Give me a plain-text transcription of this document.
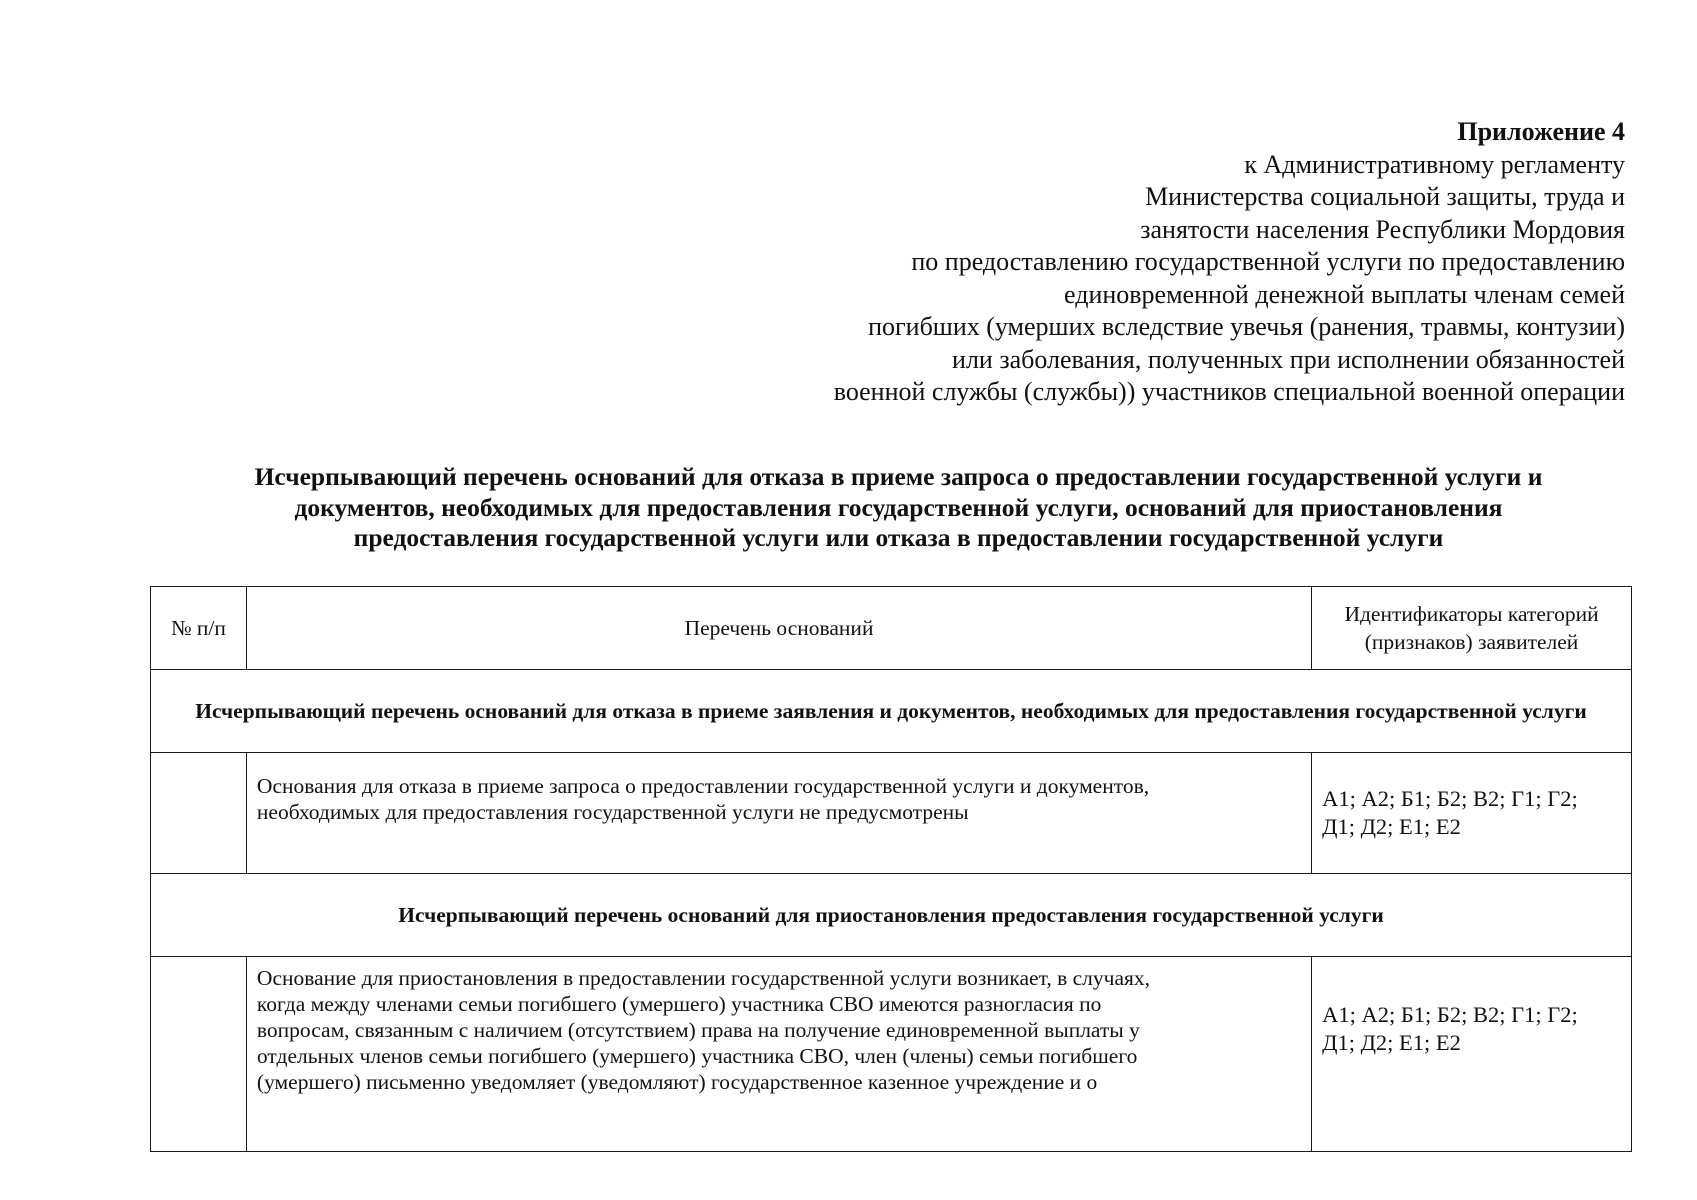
Приложение 4
к Административному регламенту
Министерства социальной защиты, труда и
занятости населения Республики Мордовия
по предоставлению государственной услуги по предоставлению
единовременной денежной выплаты членам семей
погибших (умерших вследствие увечья (ранения, травмы, контузии)
или заболевания, полученных при исполнении обязанностей
военной службы (службы)) участников специальной военной операции
Исчерпывающий перечень оснований для отказа в приеме запроса о предоставлении государственной услуги и
документов, необходимых для предоставления государственной услуги, оснований для приостановления
предоставления государственной услуги или отказа в предоставлении государственной услуги
№ п/п	Перечень оснований	Идентификаторы категорий (признаков) заявителей
Исчерпывающий перечень оснований для отказа в приеме заявления и документов, необходимых для предоставления государственной услуги		

	Основания для отказа в приеме запроса о предоставлении государственной услуги и документов,
необходимых для предоставления государственной услуги не предусмотрены	А1; А2; Б1; Б2; В2; Г1; Г2;
Д1; Д2; Е1; Е2

Исчерпывающий перечень оснований для приостановления предоставления государственной услуги		

	Основание для приостановления в предоставлении государственной услуги возникает, в случаях,
когда между членами семьи погибшего (умершего) участника СВО имеются разногласия по
вопросам, связанным с наличием (отсутствием) права на получение единовременной выплаты у
отдельных членов семьи погибшего (умершего) участника СВО, член (члены) семьи погибшего
(умершего) письменно уведомляет (уведомляют) государственное казенное учреждение и о	А1; А2; Б1; Б2; В2; Г1; Г2;
Д1; Д2; Е1; Е2
